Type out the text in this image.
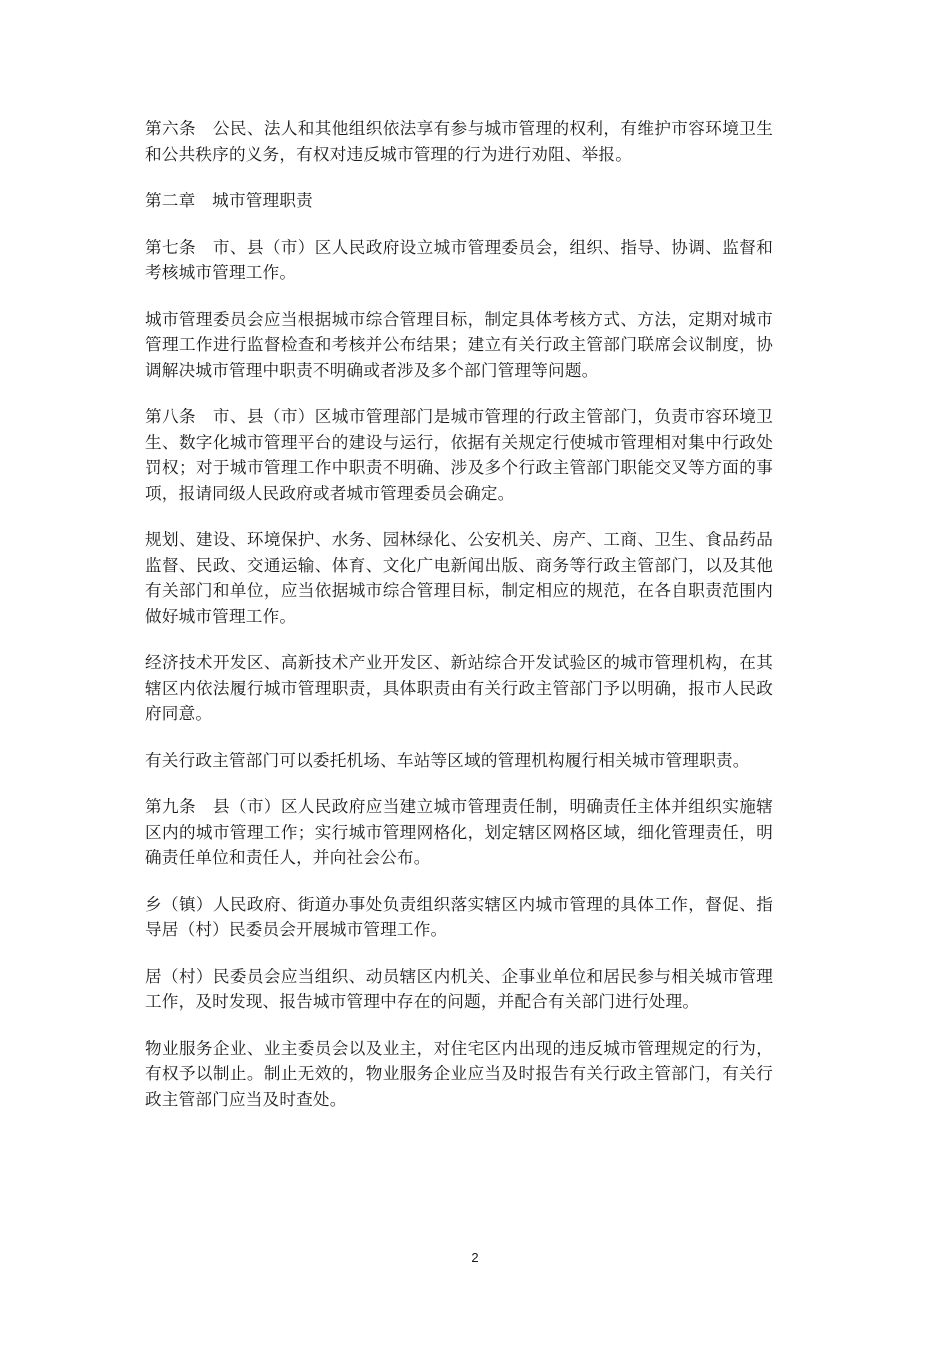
第六条　公民、法人和其他组织依法享有参与城市管理的权利，有维护市容环境卫生和公共秩序的义务，有权对违反城市管理的行为进行劝阻、举报。

第二章　城市管理职责

第七条　市、县（市）区人民政府设立城市管理委员会，组织、指导、协调、监督和考核城市管理工作。

城市管理委员会应当根据城市综合管理目标，制定具体考核方式、方法，定期对城市管理工作进行监督检查和考核并公布结果；建立有关行政主管部门联席会议制度，协调解决城市管理中职责不明确或者涉及多个部门管理等问题。

第八条　市、县（市）区城市管理部门是城市管理的行政主管部门，负责市容环境卫生、数字化城市管理平台的建设与运行，依据有关规定行使城市管理相对集中行政处罚权；对于城市管理工作中职责不明确、涉及多个行政主管部门职能交叉等方面的事项，报请同级人民政府或者城市管理委员会确定。

规划、建设、环境保护、水务、园林绿化、公安机关、房产、工商、卫生、食品药品监督、民政、交通运输、体育、文化广电新闻出版、商务等行政主管部门，以及其他有关部门和单位，应当依据城市综合管理目标，制定相应的规范，在各自职责范围内做好城市管理工作。

经济技术开发区、高新技术产业开发区、新站综合开发试验区的城市管理机构，在其辖区内依法履行城市管理职责，具体职责由有关行政主管部门予以明确，报市人民政府同意。

有关行政主管部门可以委托机场、车站等区域的管理机构履行相关城市管理职责。

第九条　县（市）区人民政府应当建立城市管理责任制，明确责任主体并组织实施辖区内的城市管理工作；实行城市管理网格化，划定辖区网格区域，细化管理责任，明确责任单位和责任人，并向社会公布。

乡（镇）人民政府、街道办事处负责组织落实辖区内城市管理的具体工作，督促、指导居（村）民委员会开展城市管理工作。

居（村）民委员会应当组织、动员辖区内机关、企事业单位和居民参与相关城市管理工作，及时发现、报告城市管理中存在的问题，并配合有关部门进行处理。

物业服务企业、业主委员会以及业主，对住宅区内出现的违反城市管理规定的行为，有权予以制止。制止无效的，物业服务企业应当及时报告有关行政主管部门，有关行政主管部门应当及时查处。

2
